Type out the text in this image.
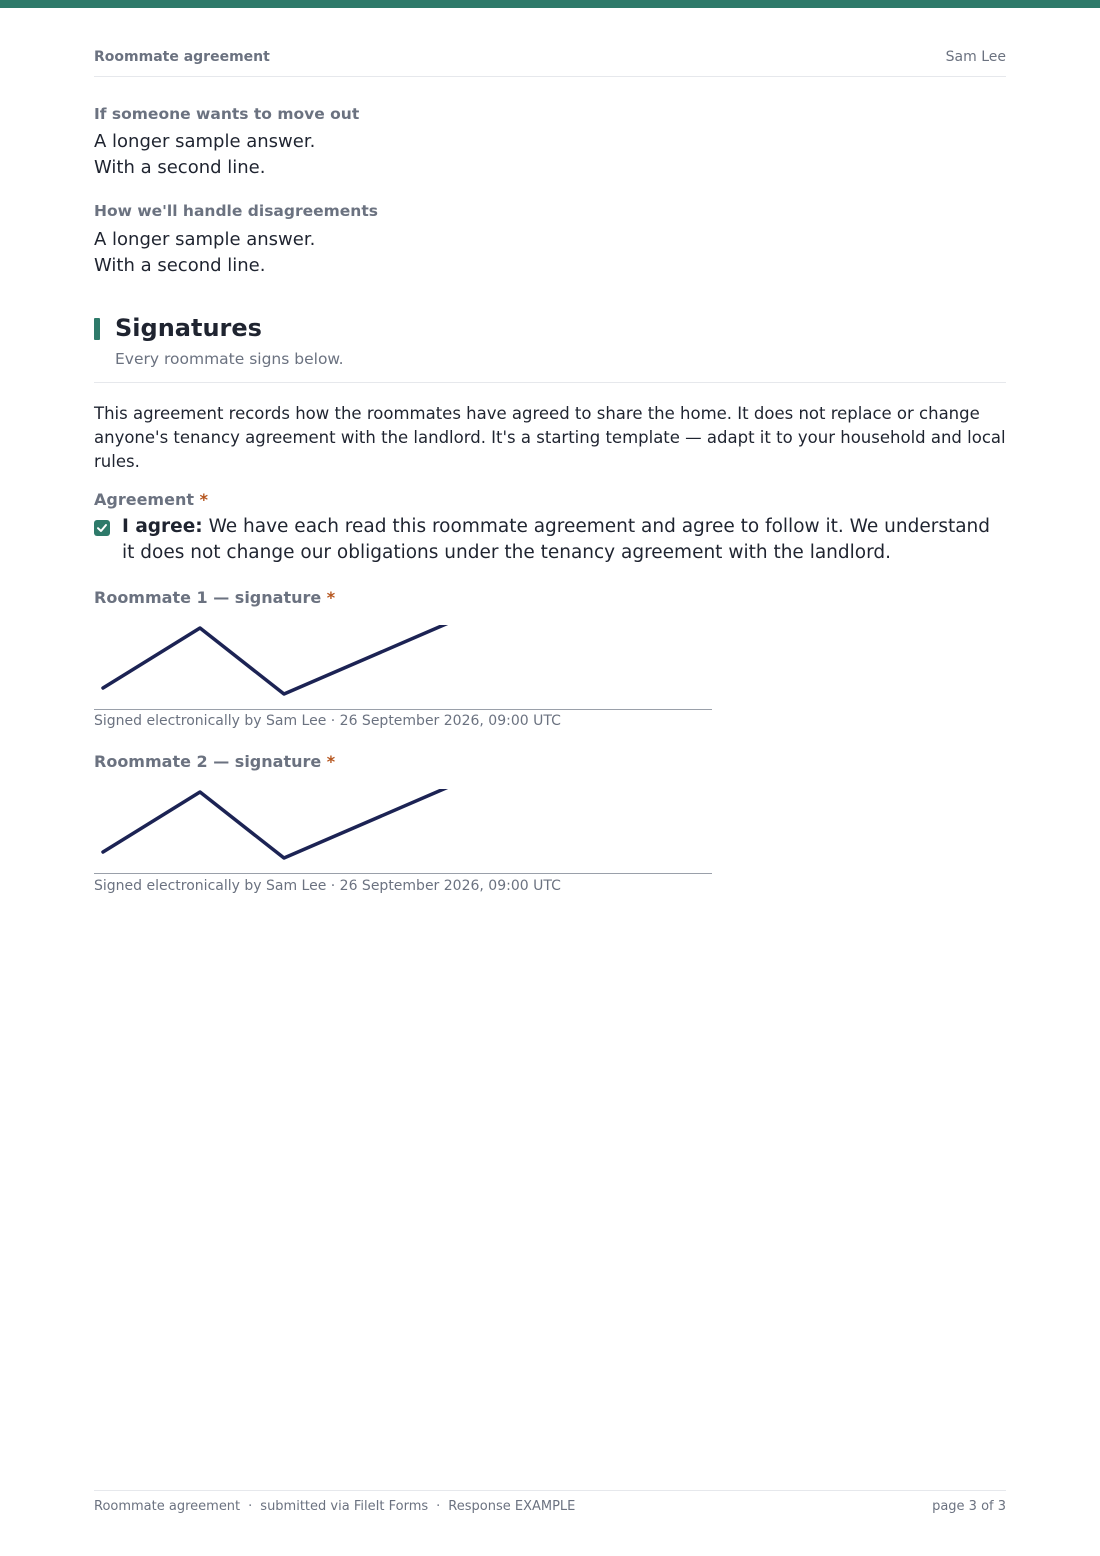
Roommate agreement	Sam Lee
If someone wants to move out
A longer sample answer.
With a second line.
How we'll handle disagreements
A longer sample answer.
With a second line.
Signatures
Every roommate signs below.
This agreement records how the roommates have agreed to share the home. It does not replace or change anyone's tenancy agreement with the landlord. It's a starting template — adapt it to your household and local rules.
Agreement *
I agree: We have each read this roommate agreement and agree to follow it. We understand it does not change our obligations under the tenancy agreement with the landlord.
Roommate 1 — signature *
Signed electronically by Sam Lee · 26 September 2026, 09:00 UTC
Roommate 2 — signature *
Signed electronically by Sam Lee · 26 September 2026, 09:00 UTC
Roommate agreement · submitted via FileIt Forms · Response EXAMPLE	page 3 of 3
